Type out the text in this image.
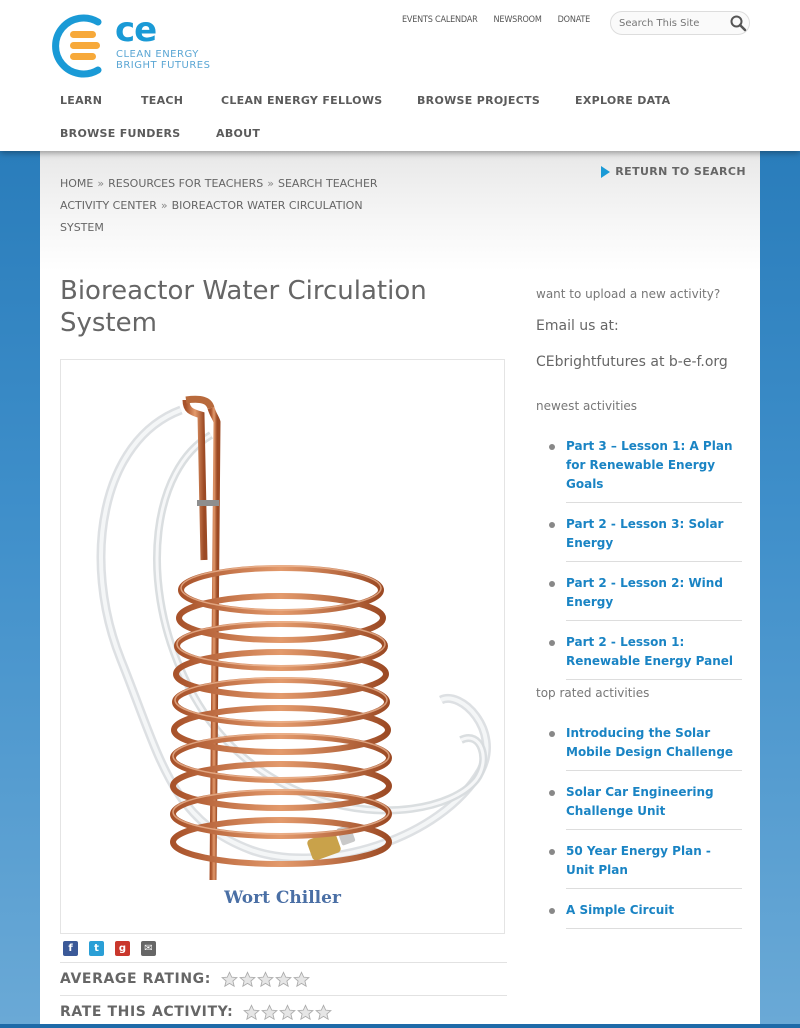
ce
CLEAN ENERGY
BRIGHT FUTURES
EVENTS CALENDAR NEWSROOM DONATE
Search This Site
LEARN	TEACH	CLEAN ENERGY FELLOWS	BROWSE PROJECTS	EXPLORE DATA
BROWSE FUNDERS	ABOUT
HOME » RESOURCES FOR TEACHERS » SEARCH TEACHER ACTIVITY CENTER » BIOREACTOR WATER CIRCULATION SYSTEM
RETURN TO SEARCH
Bioreactor Water Circulation System
Wort Chiller
f	t	g	✉
AVERAGE RATING:
RATE THIS ACTIVITY:
want to upload a new activity?
Email us at:
CEbrightfutures at b-e-f.org
newest activities
Part 3 – Lesson 1: A Plan for Renewable Energy Goals
Part 2 - Lesson 3: Solar Energy
Part 2 - Lesson 2: Wind Energy
Part 2 - Lesson 1: Renewable Energy Panel
top rated activities
Introducing the Solar Mobile Design Challenge
Solar Car Engineering Challenge Unit
50 Year Energy Plan - Unit Plan
A Simple Circuit
